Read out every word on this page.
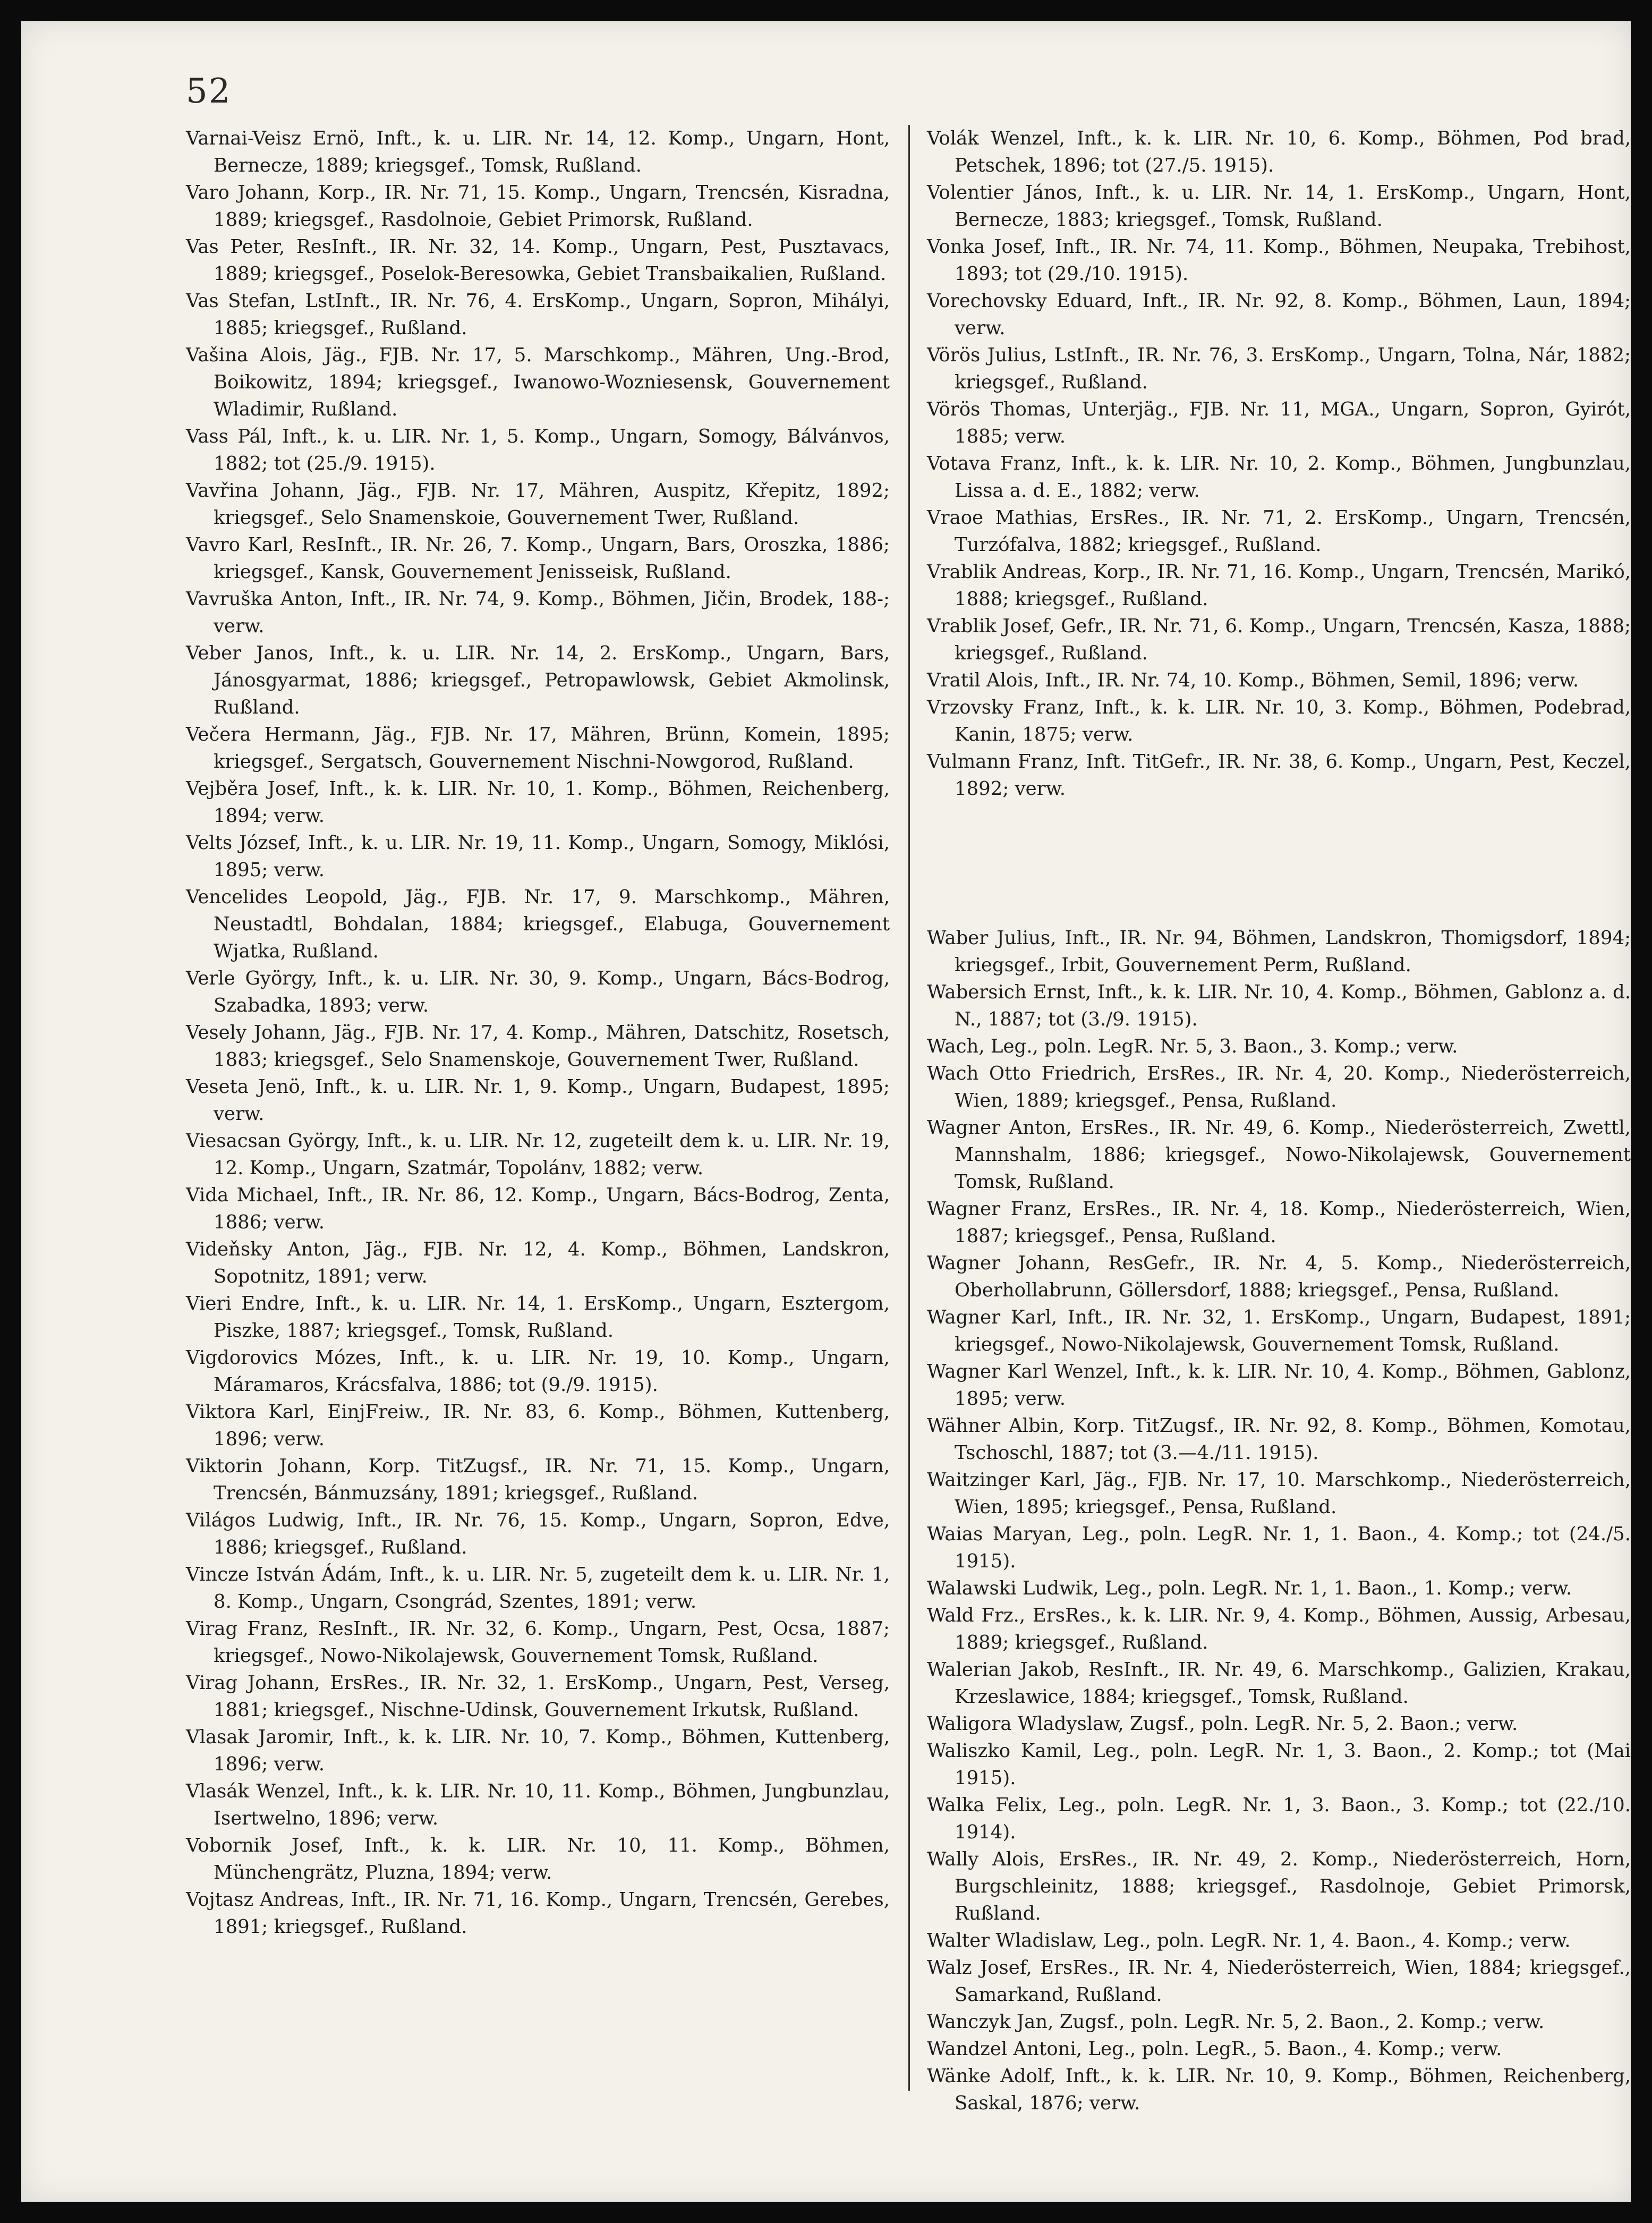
52

Varnai-Veisz Ernö, Inft., k. u. LIR. Nr. 14, 12. Komp., Ungarn, Hont, Bernecze, 1889; kriegsgef., Tomsk, Rußland.

Varo Johann, Korp., IR. Nr. 71, 15. Komp., Ungarn, Trencsén, Kisradna, 1889; kriegsgef., Rasdolnoie, Gebiet Primorsk, Rußland.

Vas Peter, ResInft., IR. Nr. 32, 14. Komp., Ungarn, Pest, Pusztavacs, 1889; kriegsgef., Poselok-Beresowka, Gebiet Transbaikalien, Rußland.

Vas Stefan, LstInft., IR. Nr. 76, 4. ErsKomp., Ungarn, Sopron, Mihályi, 1885; kriegsgef., Rußland.

Vašina Alois, Jäg., FJB. Nr. 17, 5. Marschkomp., Mähren, Ung.-Brod, Boikowitz, 1894; kriegsgef., Iwanowo-Wozniesensk, Gouvernement Wladimir, Rußland.

Vass Pál, Inft., k. u. LIR. Nr. 1, 5. Komp., Ungarn, Somogy, Bálvánvos, 1882; tot (25./9. 1915).

Vavřina Johann, Jäg., FJB. Nr. 17, Mähren, Auspitz, Křepitz, 1892; kriegsgef., Selo Snamenskoie, Gouvernement Twer, Rußland.

Vavro Karl, ResInft., IR. Nr. 26, 7. Komp., Ungarn, Bars, Oroszka, 1886; kriegsgef., Kansk, Gouvernement Jenisseisk, Rußland.

Vavruška Anton, Inft., IR. Nr. 74, 9. Komp., Böhmen, Jičin, Brodek, 188-; verw.

Veber Janos, Inft., k. u. LIR. Nr. 14, 2. ErsKomp., Ungarn, Bars, Jánosgyarmat, 1886; kriegsgef., Petropawlowsk, Gebiet Akmolinsk, Rußland.

Večera Hermann, Jäg., FJB. Nr. 17, Mähren, Brünn, Komein, 1895; kriegsgef., Sergatsch, Gouvernement Nischni-Nowgorod, Rußland.

Vejběra Josef, Inft., k. k. LIR. Nr. 10, 1. Komp., Böhmen, Reichenberg, 1894; verw.

Velts József, Inft., k. u. LIR. Nr. 19, 11. Komp., Ungarn, Somogy, Miklósi, 1895; verw.

Vencelides Leopold, Jäg., FJB. Nr. 17, 9. Marschkomp., Mähren, Neustadtl, Bohdalan, 1884; kriegsgef., Elabuga, Gouvernement Wjatka, Rußland.

Verle György, Inft., k. u. LIR. Nr. 30, 9. Komp., Ungarn, Bács-Bodrog, Szabadka, 1893; verw.

Vesely Johann, Jäg., FJB. Nr. 17, 4. Komp., Mähren, Datschitz, Rosetsch, 1883; kriegsgef., Selo Snamenskoje, Gouvernement Twer, Rußland.

Veseta Jenö, Inft., k. u. LIR. Nr. 1, 9. Komp., Ungarn, Budapest, 1895; verw.

Viesacsan György, Inft., k. u. LIR. Nr. 12, zugeteilt dem k. u. LIR. Nr. 19, 12. Komp., Ungarn, Szatmár, Topolánv, 1882; verw.

Vida Michael, Inft., IR. Nr. 86, 12. Komp., Ungarn, Bács-Bodrog, Zenta, 1886; verw.

Videňsky Anton, Jäg., FJB. Nr. 12, 4. Komp., Böhmen, Landskron, Sopotnitz, 1891; verw.

Vieri Endre, Inft., k. u. LIR. Nr. 14, 1. ErsKomp., Ungarn, Esztergom, Piszke, 1887; kriegsgef., Tomsk, Rußland.

Vigdorovics Mózes, Inft., k. u. LIR. Nr. 19, 10. Komp., Ungarn, Máramaros, Krácsfalva, 1886; tot (9./9. 1915).

Viktora Karl, EinjFreiw., IR. Nr. 83, 6. Komp., Böhmen, Kuttenberg, 1896; verw.

Viktorin Johann, Korp. TitZugsf., IR. Nr. 71, 15. Komp., Ungarn, Trencsén, Bánmuzsány, 1891; kriegsgef., Rußland.

Világos Ludwig, Inft., IR. Nr. 76, 15. Komp., Ungarn, Sopron, Edve, 1886; kriegsgef., Rußland.

Vincze István Ádám, Inft., k. u. LIR. Nr. 5, zugeteilt dem k. u. LIR. Nr. 1, 8. Komp., Ungarn, Csongrád, Szentes, 1891; verw.

Virag Franz, ResInft., IR. Nr. 32, 6. Komp., Ungarn, Pest, Ocsa, 1887; kriegsgef., Nowo-Nikolajewsk, Gouvernement Tomsk, Rußland.

Virag Johann, ErsRes., IR. Nr. 32, 1. ErsKomp., Ungarn, Pest, Verseg, 1881; kriegsgef., Nischne-Udinsk, Gouvernement Irkutsk, Rußland.

Vlasak Jaromir, Inft., k. k. LIR. Nr. 10, 7. Komp., Böhmen, Kuttenberg, 1896; verw.

Vlasák Wenzel, Inft., k. k. LIR. Nr. 10, 11. Komp., Böhmen, Jungbunzlau, Isertwelno, 1896; verw.

Vobornik Josef, Inft., k. k. LIR. Nr. 10, 11. Komp., Böhmen, Münchengrätz, Pluzna, 1894; verw.

Vojtasz Andreas, Inft., IR. Nr. 71, 16. Komp., Ungarn, Trencsén, Gerebes, 1891; kriegsgef., Rußland.

Volák Wenzel, Inft., k. k. LIR. Nr. 10, 6. Komp., Böhmen, Pod brad, Petschek, 1896; tot (27./5. 1915).

Volentier János, Inft., k. u. LIR. Nr. 14, 1. ErsKomp., Ungarn, Hont, Bernecze, 1883; kriegsgef., Tomsk, Rußland.

Vonka Josef, Inft., IR. Nr. 74, 11. Komp., Böhmen, Neupaka, Trebihost, 1893; tot (29./10. 1915).

Vorechovsky Eduard, Inft., IR. Nr. 92, 8. Komp., Böhmen, Laun, 1894; verw.

Vörös Julius, LstInft., IR. Nr. 76, 3. ErsKomp., Ungarn, Tolna, Nár, 1882; kriegsgef., Rußland.

Vörös Thomas, Unterjäg., FJB. Nr. 11, MGA., Ungarn, Sopron, Gyirót, 1885; verw.

Votava Franz, Inft., k. k. LIR. Nr. 10, 2. Komp., Böhmen, Jungbunzlau, Lissa a. d. E., 1882; verw.

Vraoe Mathias, ErsRes., IR. Nr. 71, 2. ErsKomp., Ungarn, Trencsén, Turzófalva, 1882; kriegsgef., Rußland.

Vrablik Andreas, Korp., IR. Nr. 71, 16. Komp., Ungarn, Trencsén, Marikó, 1888; kriegsgef., Rußland.

Vrablik Josef, Gefr., IR. Nr. 71, 6. Komp., Ungarn, Trencsén, Kasza, 1888; kriegsgef., Rußland.

Vratil Alois, Inft., IR. Nr. 74, 10. Komp., Böhmen, Semil, 1896; verw.

Vrzovsky Franz, Inft., k. k. LIR. Nr. 10, 3. Komp., Böhmen, Podebrad, Kanin, 1875; verw.

Vulmann Franz, Inft. TitGefr., IR. Nr. 38, 6. Komp., Ungarn, Pest, Keczel, 1892; verw.

Waber Julius, Inft., IR. Nr. 94, Böhmen, Landskron, Thomigsdorf, 1894; kriegsgef., Irbit, Gouvernement Perm, Rußland.

Wabersich Ernst, Inft., k. k. LIR. Nr. 10, 4. Komp., Böhmen, Gablonz a. d. N., 1887; tot (3./9. 1915).

Wach, Leg., poln. LegR. Nr. 5, 3. Baon., 3. Komp.; verw.

Wach Otto Friedrich, ErsRes., IR. Nr. 4, 20. Komp., Niederösterreich, Wien, 1889; kriegsgef., Pensa, Rußland.

Wagner Anton, ErsRes., IR. Nr. 49, 6. Komp., Niederösterreich, Zwettl, Mannshalm, 1886; kriegsgef., Nowo-Nikolajewsk, Gouvernement Tomsk, Rußland.

Wagner Franz, ErsRes., IR. Nr. 4, 18. Komp., Niederösterreich, Wien, 1887; kriegsgef., Pensa, Rußland.

Wagner Johann, ResGefr., IR. Nr. 4, 5. Komp., Niederösterreich, Oberhollabrunn, Göllersdorf, 1888; kriegsgef., Pensa, Rußland.

Wagner Karl, Inft., IR. Nr. 32, 1. ErsKomp., Ungarn, Budapest, 1891; kriegsgef., Nowo-Nikolajewsk, Gouvernement Tomsk, Rußland.

Wagner Karl Wenzel, Inft., k. k. LIR. Nr. 10, 4. Komp., Böhmen, Gablonz, 1895; verw.

Wähner Albin, Korp. TitZugsf., IR. Nr. 92, 8. Komp., Böhmen, Komotau, Tschoschl, 1887; tot (3.—4./11. 1915).

Waitzinger Karl, Jäg., FJB. Nr. 17, 10. Marschkomp., Niederösterreich, Wien, 1895; kriegsgef., Pensa, Rußland.

Waias Maryan, Leg., poln. LegR. Nr. 1, 1. Baon., 4. Komp.; tot (24./5. 1915).

Walawski Ludwik, Leg., poln. LegR. Nr. 1, 1. Baon., 1. Komp.; verw.

Wald Frz., ErsRes., k. k. LIR. Nr. 9, 4. Komp., Böhmen, Aussig, Arbesau, 1889; kriegsgef., Rußland.

Walerian Jakob, ResInft., IR. Nr. 49, 6. Marschkomp., Galizien, Krakau, Krzeslawice, 1884; kriegsgef., Tomsk, Rußland.

Waligora Wladyslaw, Zugsf., poln. LegR. Nr. 5, 2. Baon.; verw.

Waliszko Kamil, Leg., poln. LegR. Nr. 1, 3. Baon., 2. Komp.; tot (Mai 1915).

Walka Felix, Leg., poln. LegR. Nr. 1, 3. Baon., 3. Komp.; tot (22./10. 1914).

Wally Alois, ErsRes., IR. Nr. 49, 2. Komp., Niederösterreich, Horn, Burgschleinitz, 1888; kriegsgef., Rasdolnoje, Gebiet Primorsk, Rußland.

Walter Wladislaw, Leg., poln. LegR. Nr. 1, 4. Baon., 4. Komp.; verw.

Walz Josef, ErsRes., IR. Nr. 4, Niederösterreich, Wien, 1884; kriegsgef., Samarkand, Rußland.

Wanczyk Jan, Zugsf., poln. LegR. Nr. 5, 2. Baon., 2. Komp.; verw.

Wandzel Antoni, Leg., poln. LegR., 5. Baon., 4. Komp.; verw.

Wänke Adolf, Inft., k. k. LIR. Nr. 10, 9. Komp., Böhmen, Reichenberg, Saskal, 1876; verw.
